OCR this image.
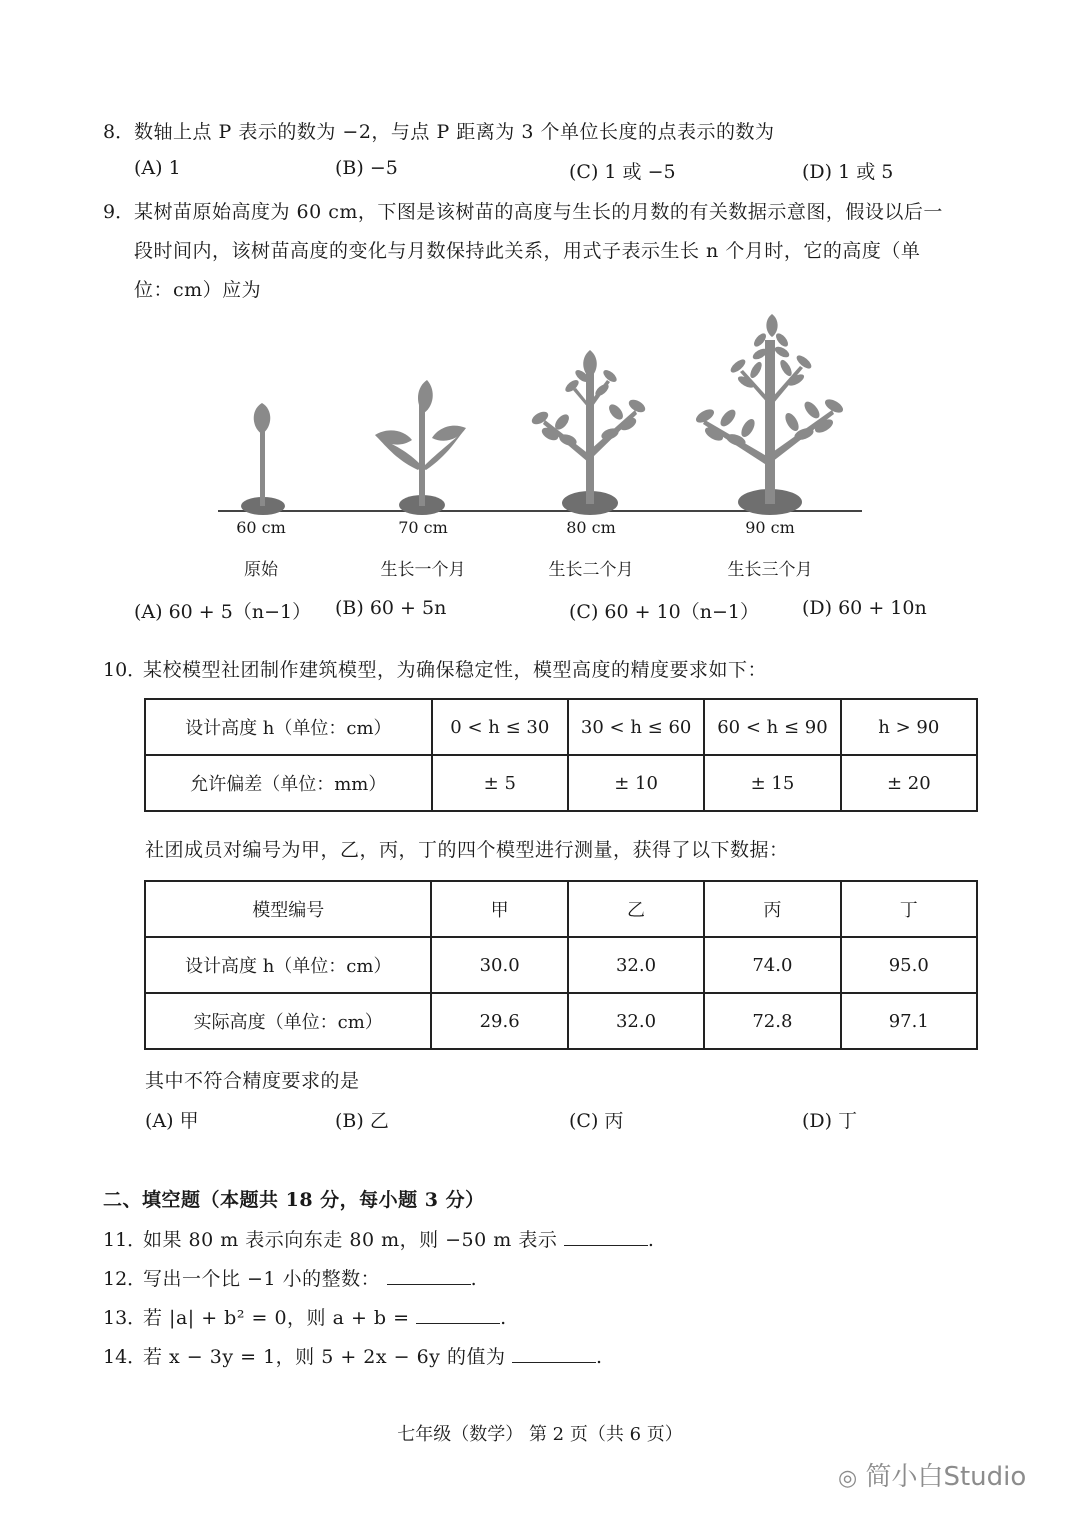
8． 数轴上点 P 表示的数为 −2，与点 P 距离为 3 个单位长度的点表示的数为
(A) 1	(B) −5	(C) 1 或 −5	(D) 1 或 5
9． 某树苗原始高度为 60 cm，下图是该树苗的高度与生长的月数的有关数据示意图，假设以后一
段时间内，该树苗高度的变化与月数保持此关系，用式子表示生长 n 个月时，它的高度（单
位：cm）应为
60 cm	70 cm	80 cm	90 cm
原始	生长一个月	生长二个月	生长三个月
(A) 60 + 5（n−1） (B) 60 + 5n	(C) 60 + 10（n−1） (D) 60 + 10n
10．
某校模型社团制作建筑模型，为确保稳定性，模型高度的精度要求如下：
设计高度 h（单位：cm）	0 < h ≤ 30	30 < h ≤ 60	60 < h ≤ 90	h > 90
允许偏差（单位：mm）	± 5	± 10	± 15	± 20
社团成员对编号为甲，乙，丙，丁的四个模型进行测量，获得了以下数据：
模型编号	甲	乙	丙	丁
设计高度 h（单位：cm）	30.0	32.0	74.0	95.0
实际高度（单位：cm）	29.6	32.0	72.8	97.1
其中不符合精度要求的是
(A) 甲	(B) 乙	(C) 丙	(D) 丁
二、填空题（本题共 18 分，每小题 3 分）
11．
如果 80 m 表示向东走 80 m，则 −50 m 表示	.
12．
写出一个比 −1 小的整数：	.
13．
若 |a| + b² = 0，则 a + b =	.
14．
若 x − 3y = 1，则 5 + 2x − 6y 的值为	.
七年级（数学） 第 2 页（共 6 页）
◎ 简小白Studio
